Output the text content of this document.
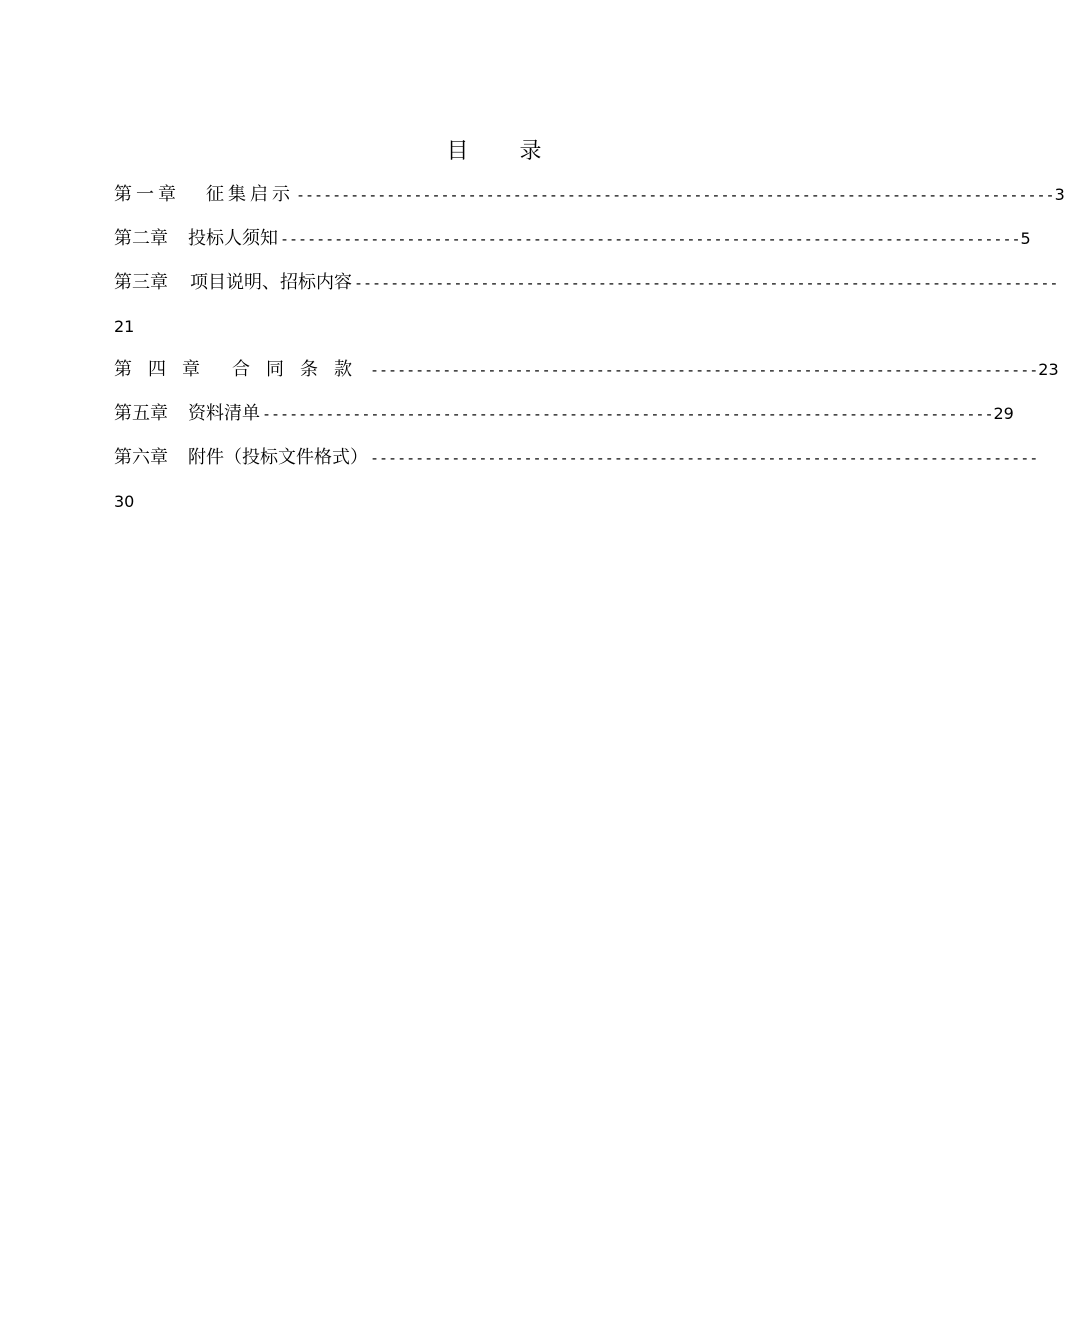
目 录
第一章 征集启示 ------------------------------------------------------------------------------------ 3
第二章 投标人须知 ---------------------------------------------------------------------------------- 5
第三章 项目说明、招标内容 ------------------------------------------------------------------------------
21
第四章 合同条款 -------------------------------------------------------------------------- 23
第五章 资料清单 --------------------------------------------------------------------------------- 29
第六章 附件（投标文件格式） --------------------------------------------------------------------------
30
